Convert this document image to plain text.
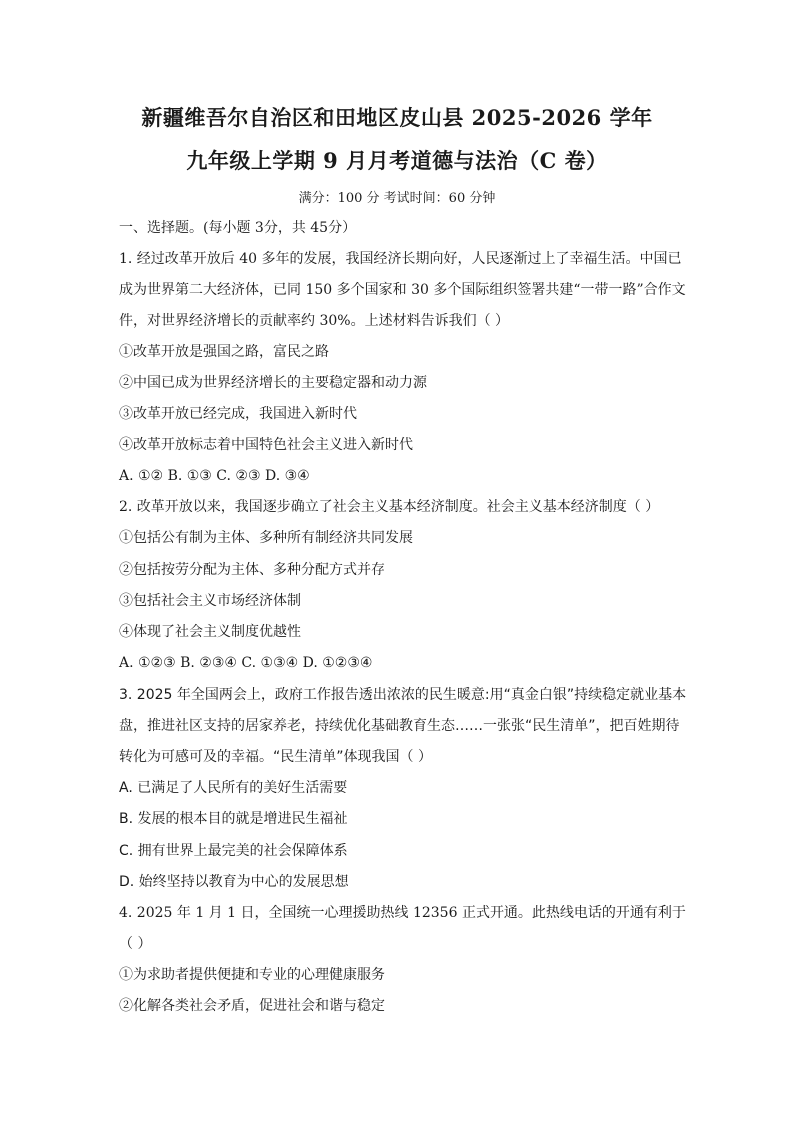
新疆维吾尔自治区和田地区皮山县 2025-2026 学年
九年级上学期 9 月月考道德与法治（C 卷）
满分：100 分 考试时间：60 分钟
一、选择题。(每小题 3分，共 45分）
1. 经过改革开放后 40 多年的发展，我国经济长期向好，人民逐渐过上了幸福生活。中国已
成为世界第二大经济体，已同 150 多个国家和 30 多个国际组织签署共建“一带一路”合作文
件，对世界经济增长的贡献率约 30%。上述材料告诉我们（ ）
①改革开放是强国之路，富民之路
②中国已成为世界经济增长的主要稳定器和动力源
③改革开放已经完成，我国进入新时代
④改革开放标志着中国特色社会主义进入新时代
A. ①② B. ①③ C. ②③ D. ③④
2. 改革开放以来，我国逐步确立了社会主义基本经济制度。社会主义基本经济制度（ ）
①包括公有制为主体、多种所有制经济共同发展
②包括按劳分配为主体、多种分配方式并存
③包括社会主义市场经济体制
④体现了社会主义制度优越性
A. ①②③ B. ②③④ C. ①③④ D. ①②③④
3. 2025 年全国两会上，政府工作报告透出浓浓的民生暖意:用“真金白银”持续稳定就业基本
盘，推进社区支持的居家养老，持续优化基础教育生态……一张张“民生清单”，把百姓期待
转化为可感可及的幸福。“民生清单”体现我国（ ）
A. 已满足了人民所有的美好生活需要
B. 发展的根本目的就是增进民生福祉
C. 拥有世界上最完美的社会保障体系
D. 始终坚持以教育为中心的发展思想
4. 2025 年 1 月 1 日，全国统一心理援助热线 12356 正式开通。此热线电话的开通有利于
（ ）
①为求助者提供便捷和专业的心理健康服务
②化解各类社会矛盾，促进社会和谐与稳定
